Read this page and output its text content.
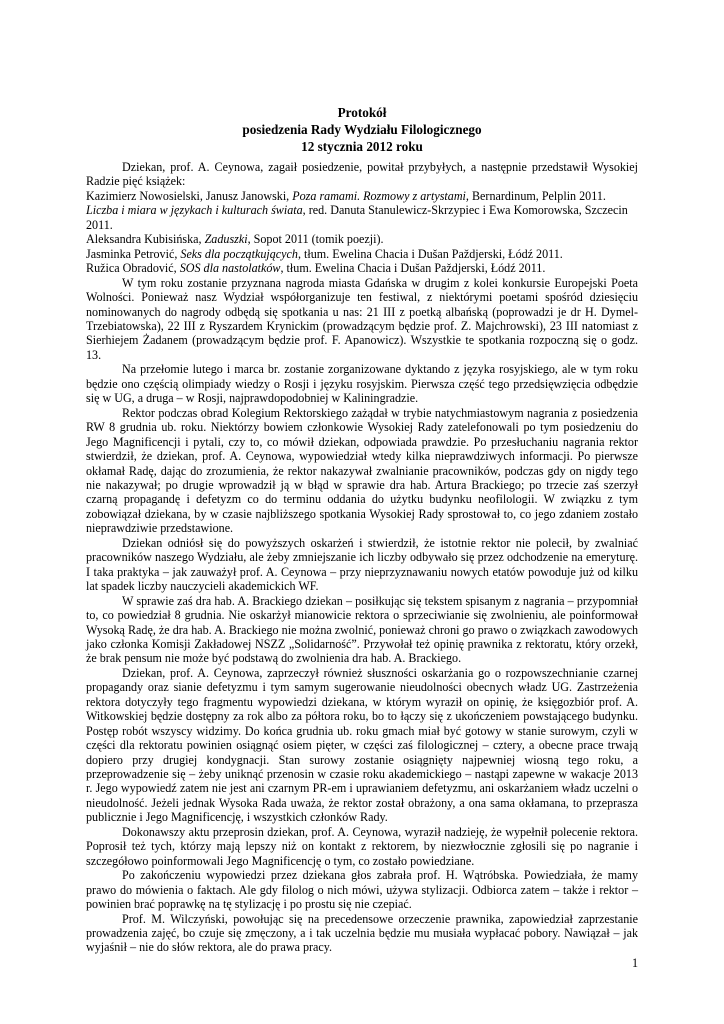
Protokół
posiedzenia Rady Wydziału Filologicznego
12 stycznia 2012 roku

Dziekan, prof. A. Ceynowa, zagaił posiedzenie, powitał przybyłych, a następnie przedstawił Wysokiej Radzie pięć książek:

Kazimierz Nowosielski, Janusz Janowski, Poza ramami. Rozmowy z artystami, Bernardinum, Pelplin 2011.

Liczba i miara w językach i kulturach świata, red. Danuta Stanulewicz-Skrzypiec i Ewa Komorowska, Szczecin 2011.

Aleksandra Kubisińska, Zaduszki, Sopot 2011 (tomik poezji).

Jasminka Petrović, Seks dla początkujących, tłum. Ewelina Chacia i Dušan Paždjerski, Łódź 2011.

Ružica Obradović, SOS dla nastolatków, tłum. Ewelina Chacia i Dušan Paždjerski, Łódź 2011.

W tym roku zostanie przyznana nagroda miasta Gdańska w drugim z kolei konkursie Europejski Poeta Wolności. Ponieważ nasz Wydział współorganizuje ten festiwal, z niektórymi poetami spośród dziesięciu nominowanych do nagrody odbędą się spotkania u nas: 21 III z poetką albańską (poprowadzi je dr H. Dymel-Trzebiatowska), 22 III z Ryszardem Krynickim (prowadzącym będzie prof. Z. Majchrowski), 23 III natomiast z Sierhiejem Żadanem (prowadzącym będzie prof. F. Apanowicz). Wszystkie te spotkania rozpoczną się o godz. 13.

Na przełomie lutego i marca br. zostanie zorganizowane dyktando z języka rosyjskiego, ale w tym roku będzie ono częścią olimpiady wiedzy o Rosji i języku rosyjskim. Pierwsza część tego przedsięwzięcia odbędzie się w UG, a druga – w Rosji, najprawdopodobniej w Kaliningradzie.

Rektor podczas obrad Kolegium Rektorskiego zażądał w trybie natychmiastowym nagrania z posiedzenia RW 8 grudnia ub. roku. Niektórzy bowiem członkowie Wysokiej Rady zatelefonowali po tym posiedzeniu do Jego Magnificencji i pytali, czy to, co mówił dziekan, odpowiada prawdzie. Po przesłuchaniu nagrania rektor stwierdził, że dziekan, prof. A. Ceynowa, wypowiedział wtedy kilka nieprawdziwych informacji. Po pierwsze okłamał Radę, dając do zrozumienia, że rektor nakazywał zwalnianie pracowników, podczas gdy on nigdy tego nie nakazywał; po drugie wprowadził ją w błąd w sprawie dra hab. Artura Brackiego; po trzecie zaś szerzył czarną propagandę i defetyzm co do terminu oddania do użytku budynku neofilologii. W związku z tym zobowiązał dziekana, by w czasie najbliższego spotkania Wysokiej Rady sprostował to, co jego zdaniem zostało nieprawdziwie przedstawione.

Dziekan odniósł się do powyższych oskarżeń i stwierdził, że istotnie rektor nie polecił, by zwalniać pracowników naszego Wydziału, ale żeby zmniejszanie ich liczby odbywało się przez odchodzenie na emeryturę. I taka praktyka – jak zauważył prof. A. Ceynowa – przy nieprzyznawaniu nowych etatów powoduje już od kilku lat spadek liczby nauczycieli akademickich WF.

W sprawie zaś dra hab. A. Brackiego dziekan – posiłkując się tekstem spisanym z nagrania – przypomniał to, co powiedział 8 grudnia. Nie oskarżył mianowicie rektora o sprzeciwianie się zwolnieniu, ale poinformował Wysoką Radę, że dra hab. A. Brackiego nie można zwolnić, ponieważ chroni go prawo o związkach zawodowych jako członka Komisji Zakładowej NSZZ „Solidarność”. Przywołał też opinię prawnika z rektoratu, który orzekł, że brak pensum nie może być podstawą do zwolnienia dra hab. A. Brackiego.

Dziekan, prof. A. Ceynowa, zaprzeczył również słuszności oskarżania go o rozpowszechnianie czarnej propagandy oraz sianie defetyzmu i tym samym sugerowanie nieudolności obecnych władz UG. Zastrzeżenia rektora dotyczyły tego fragmentu wypowiedzi dziekana, w którym wyraził on opinię, że księgozbiór prof. A. Witkowskiej będzie dostępny za rok albo za półtora roku, bo to łączy się z ukończeniem powstającego budynku. Postęp robót wszyscy widzimy. Do końca grudnia ub. roku gmach miał być gotowy w stanie surowym, czyli w części dla rektoratu powinien osiągnąć osiem pięter, w części zaś filologicznej – cztery, a obecne prace trwają dopiero przy drugiej kondygnacji. Stan surowy zostanie osiągnięty najpewniej wiosną tego roku, a przeprowadzenie się – żeby uniknąć przenosin w czasie roku akademickiego – nastąpi zapewne w wakacje 2013 r. Jego wypowiedź zatem nie jest ani czarnym PR-em i uprawianiem defetyzmu, ani oskarżaniem władz uczelni o nieudolność. Jeżeli jednak Wysoka Rada uważa, że rektor został obrażony, a ona sama okłamana, to przeprasza publicznie i Jego Magnificencję, i wszystkich członków Rady.

Dokonawszy aktu przeprosin dziekan, prof. A. Ceynowa, wyraził nadzieję, że wypełnił polecenie rektora. Poprosił też tych, którzy mają lepszy niż on kontakt z rektorem, by niezwłocznie zgłosili się po nagranie i szczegółowo poinformowali Jego Magnificencję o tym, co zostało powiedziane.

Po zakończeniu wypowiedzi przez dziekana głos zabrała prof. H. Wątróbska. Powiedziała, że mamy prawo do mówienia o faktach. Ale gdy filolog o nich mówi, używa stylizacji. Odbiorca zatem – także i rektor – powinien brać poprawkę na tę stylizację i po prostu się nie czepiać.

Prof. M. Wilczyński, powołując się na precedensowe orzeczenie prawnika, zapowiedział zaprzestanie prowadzenia zajęć, bo czuje się zmęczony, a i tak uczelnia będzie mu musiała wypłacać pobory. Nawiązał – jak wyjaśnił – nie do słów rektora, ale do prawa pracy.

1
